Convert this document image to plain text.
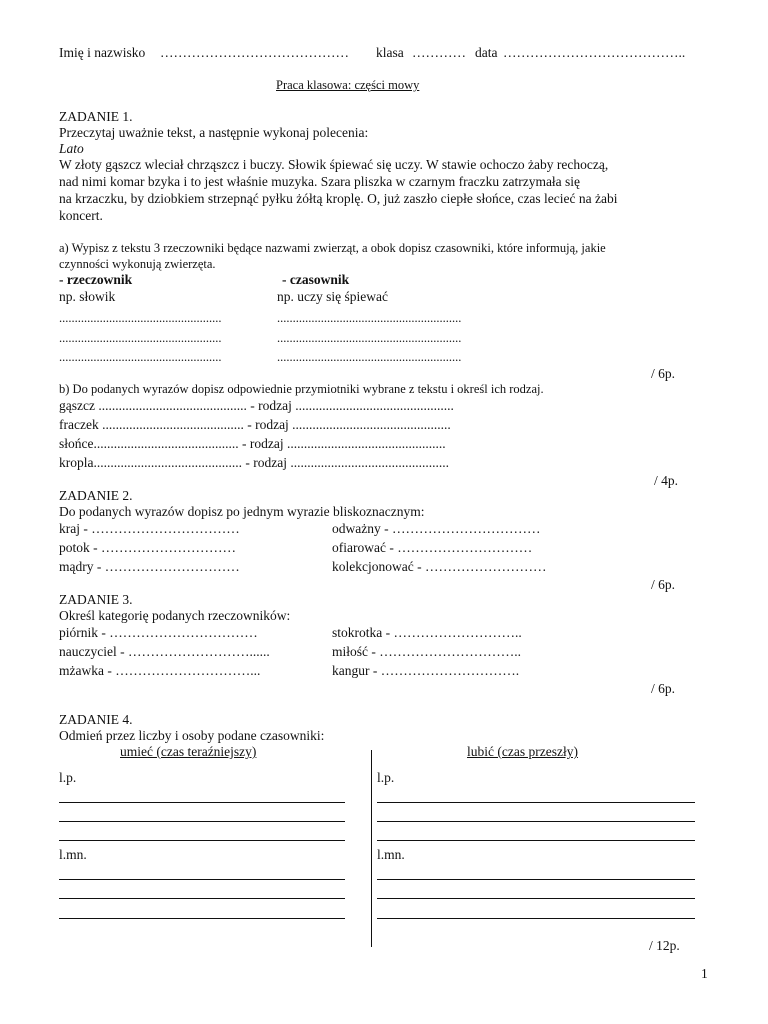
Imię i nazwisko …………………………………… klasa ………… data …………………………………..
Praca klasowa: części mowy
ZADANIE 1.
Przeczytaj uważnie tekst, a następnie wykonaj polecenia:
Lato
W złoty gąszcz wleciał chrząszcz i buczy. Słowik śpiewać się uczy. W stawie ochoczo żaby rechoczą,
nad nimi komar bzyka i to jest właśnie muzyka. Szara pliszka w czarnym fraczku zatrzymała się
na krzaczku, by dziobkiem strzepnąć pyłku żółtą kroplę. O, już zaszło ciepłe słońce, czas lecieć na żabi
koncert.
a) Wypisz z tekstu 3 rzeczowniki będące nazwami zwierząt, a obok dopisz czasowniki, które informują, jakie
czynności wykonują zwierzęta.
- rzeczownik	- czasownik
np. słowik	np. uczy się śpiewać
....................................................	...........................................................
....................................................	...........................................................
....................................................	...........................................................
/ 6p.
b) Do podanych wyrazów dopisz odpowiednie przymiotniki wybrane z tekstu i określ ich rodzaj.
gąszcz ............................................ - rodzaj ...............................................
fraczek .......................................... - rodzaj ...............................................
słońce........................................... - rodzaj ...............................................
kropla............................................ - rodzaj ...............................................
/ 4p.
ZADANIE 2.
Do podanych wyrazów dopisz po jednym wyrazie bliskoznacznym:
kraj - ……………………………	odważny - ……………………………
potok - …………………………	ofiarować - …………………………
mądry - …………………………	kolekcjonować - ………………………
/ 6p.
ZADANIE 3.
Określ kategorię podanych rzeczowników:
piórnik - ……………………………	stokrotka - ………………………..
nauczyciel - ………………………......	miłość - …………………………..
mżawka - …………………………...	kangur - ………………………….
/ 6p.
ZADANIE 4.
Odmień przez liczby i osoby podane czasowniki:
umieć (czas teraźniejszy)	lubić (czas przeszły)
l.p.	l.p.
l.mn.	l.mn.
/ 12p.
1
